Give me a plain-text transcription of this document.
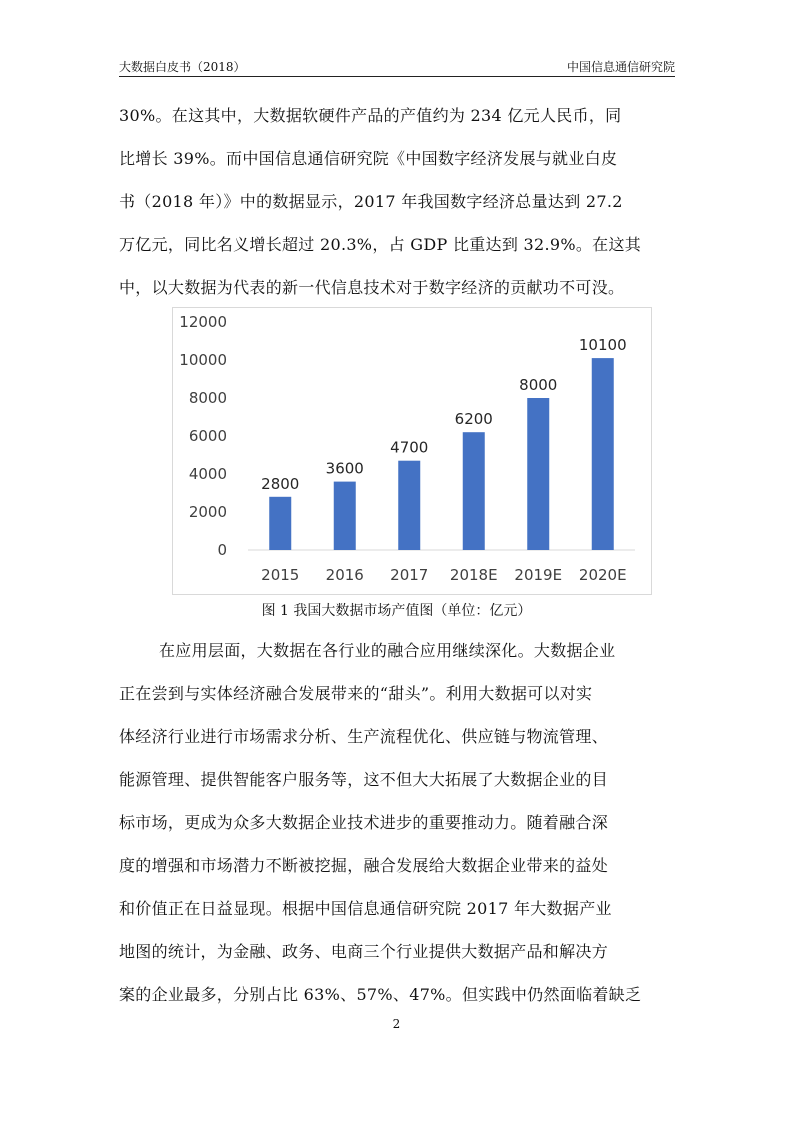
大数据白皮书（2018）	中国信息通信研究院
30%。在这其中，大数据软硬件产品的产值约为 234 亿元人民币，同
比增长 39%。而中国信息通信研究院《中国数字经济发展与就业白皮
书（2018 年）》中的数据显示，2017 年我国数字经济总量达到 27.2
万亿元，同比名义增长超过 20.3%，占 GDP 比重达到 32.9%。在这其
中，以大数据为代表的新一代信息技术对于数字经济的贡献功不可没。
0
2000
4000
6000
8000
10000
12000
2800
2015
3600
2016
4700
2017
6200
2018E
8000
2019E
10100
2020E
图 1 我国大数据市场产值图（单位：亿元）
在应用层面，大数据在各行业的融合应用继续深化。大数据企业
正在尝到与实体经济融合发展带来的“甜头”。利用大数据可以对实
体经济行业进行市场需求分析、生产流程优化、供应链与物流管理、
能源管理、提供智能客户服务等，这不但大大拓展了大数据企业的目
标市场，更成为众多大数据企业技术进步的重要推动力。随着融合深
度的增强和市场潜力不断被挖掘，融合发展给大数据企业带来的益处
和价值正在日益显现。根据中国信息通信研究院 2017 年大数据产业
地图的统计，为金融、政务、电商三个行业提供大数据产品和解决方
案的企业最多，分别占比 63%、57%、47%。但实践中仍然面临着缺乏
2
